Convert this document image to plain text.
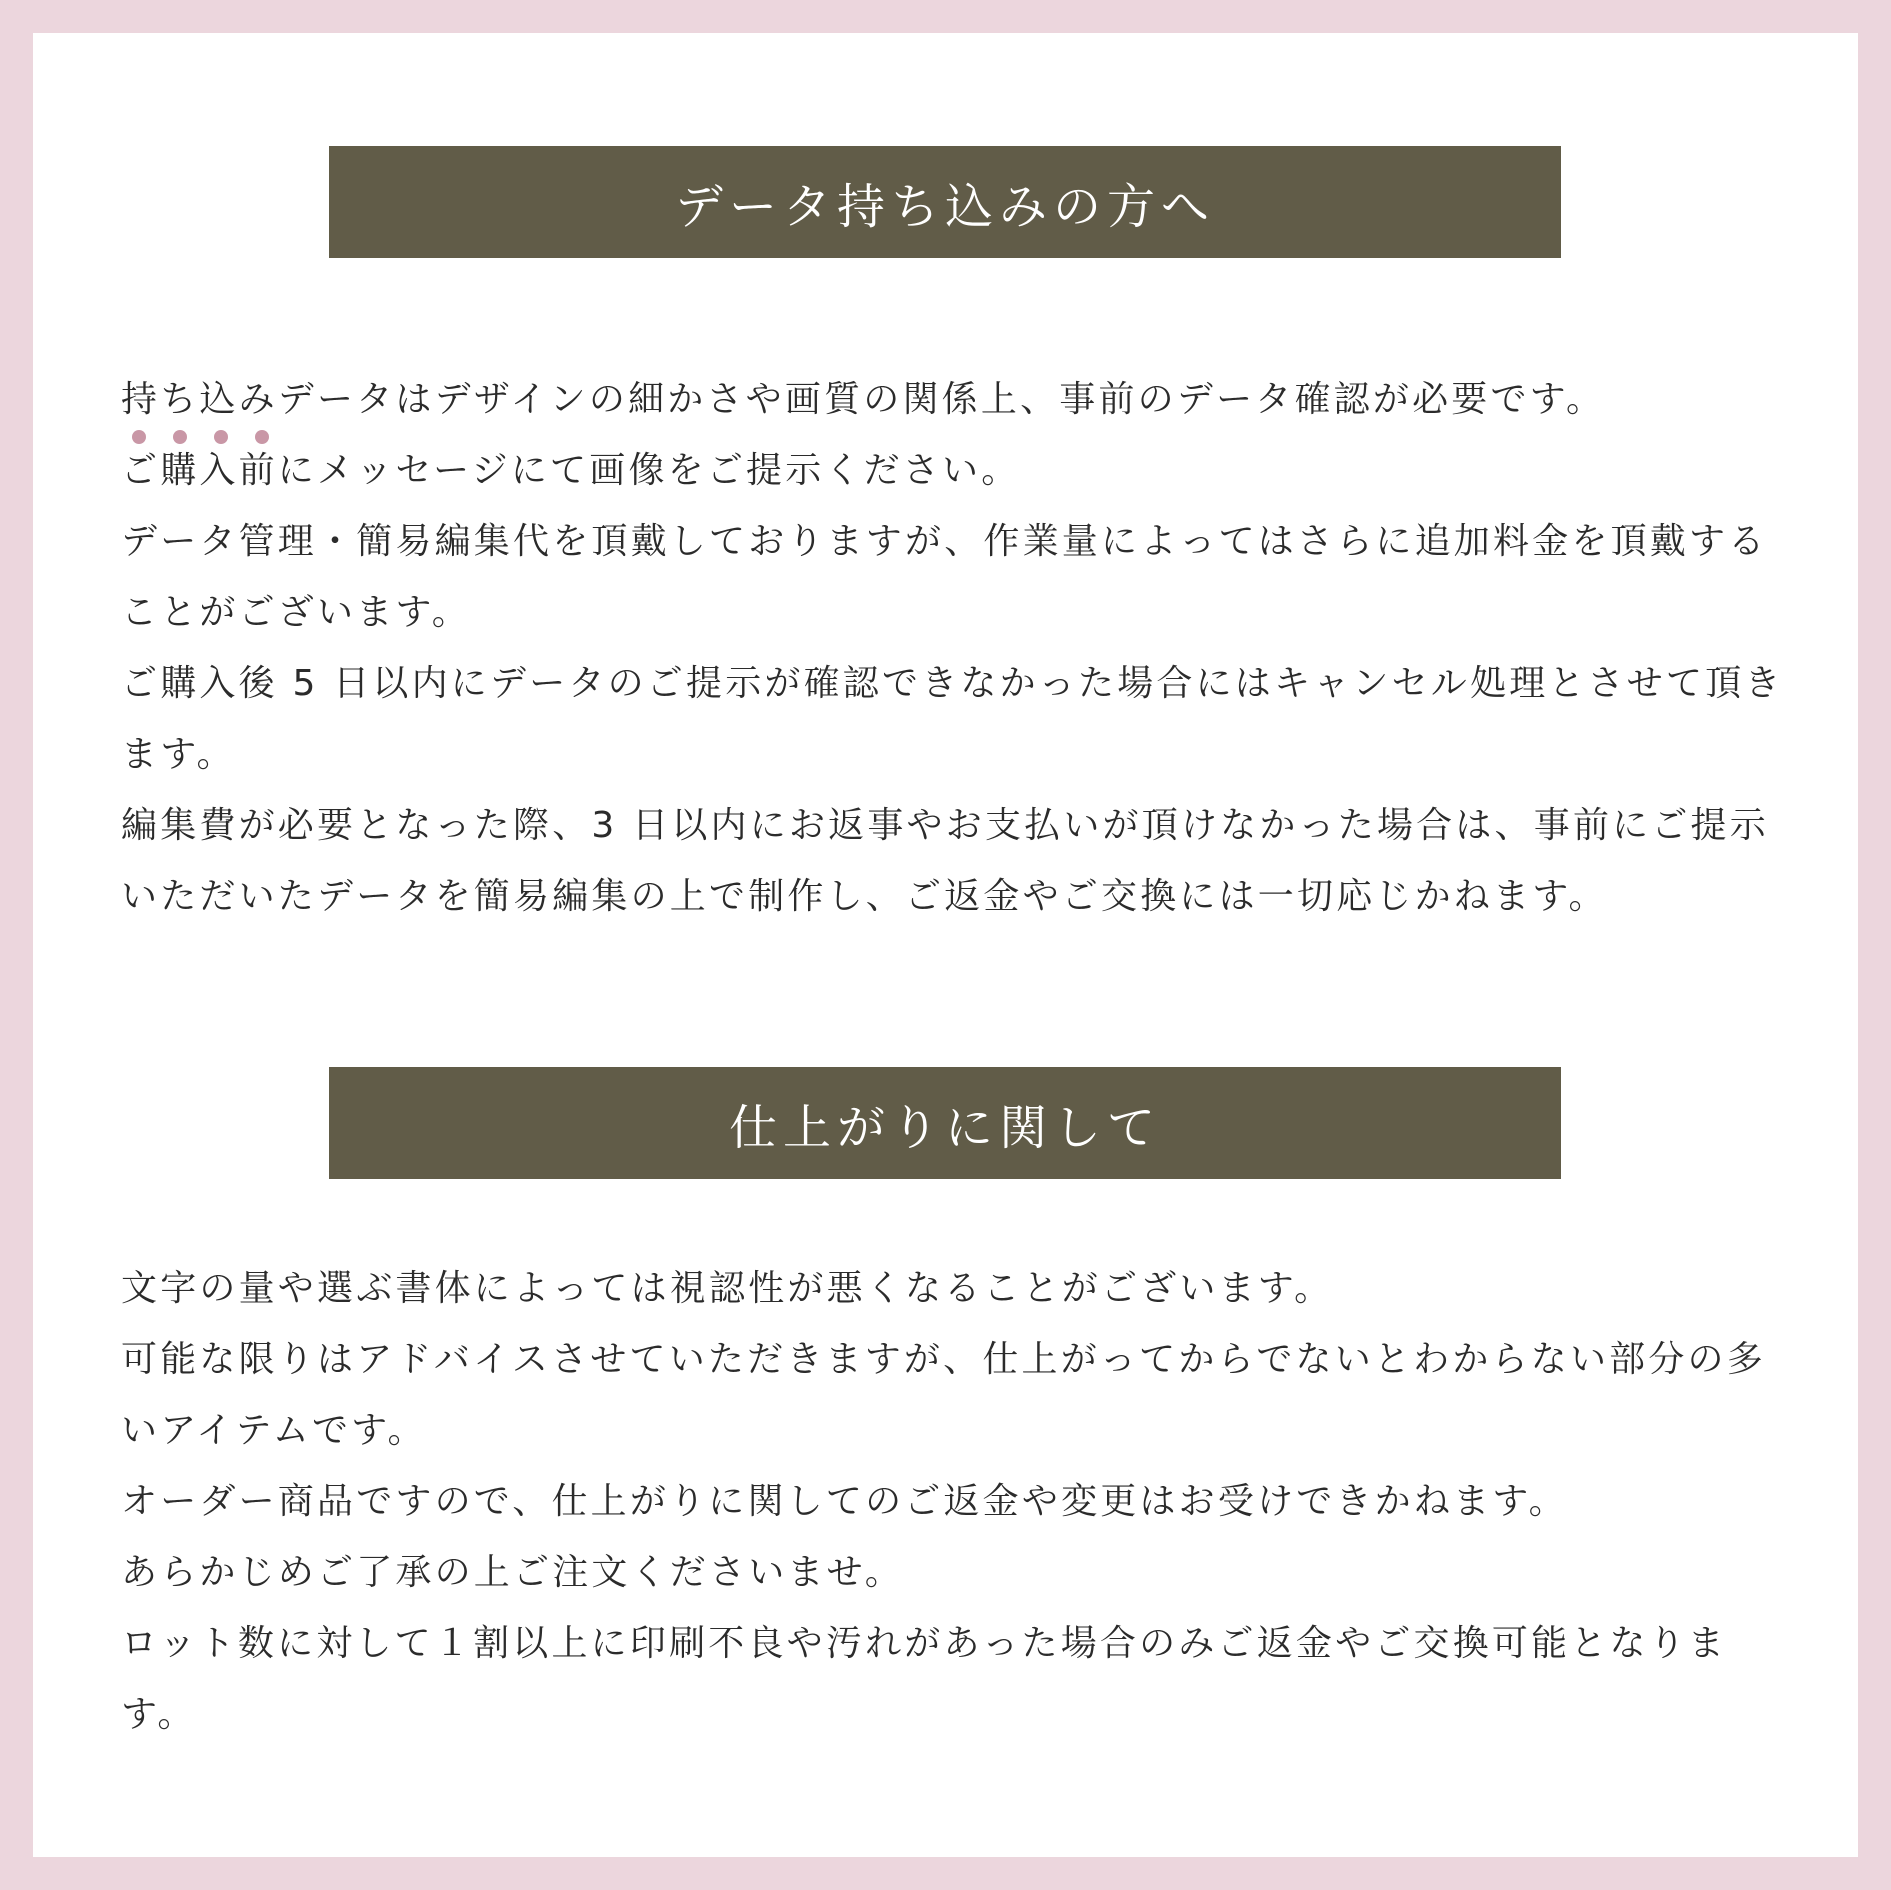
データ持ち込みの方へ
持ち込みデータはデザインの細かさや画質の関係上、事前のデータ確認が必要です。
ご購入前にメッセージにて画像をご提示ください。
データ管理・簡易編集代を頂戴しておりますが、作業量によってはさらに追加料金を頂戴することがございます。
ご購入後 5 日以内にデータのご提示が確認できなかった場合にはキャンセル処理とさせて頂きます。
編集費が必要となった際、3 日以内にお返事やお支払いが頂けなかった場合は、事前にご提示いただいたデータを簡易編集の上で制作し、ご返金やご交換には一切応じかねます。
仕上がりに関して
文字の量や選ぶ書体によっては視認性が悪くなることがございます。
可能な限りはアドバイスさせていただきますが、仕上がってからでないとわからない部分の多いアイテムです。
オーダー商品ですので、仕上がりに関してのご返金や変更はお受けできかねます。
あらかじめご了承の上ご注文くださいませ。
ロット数に対して１割以上に印刷不良や汚れがあった場合のみご返金やご交換可能となります。
